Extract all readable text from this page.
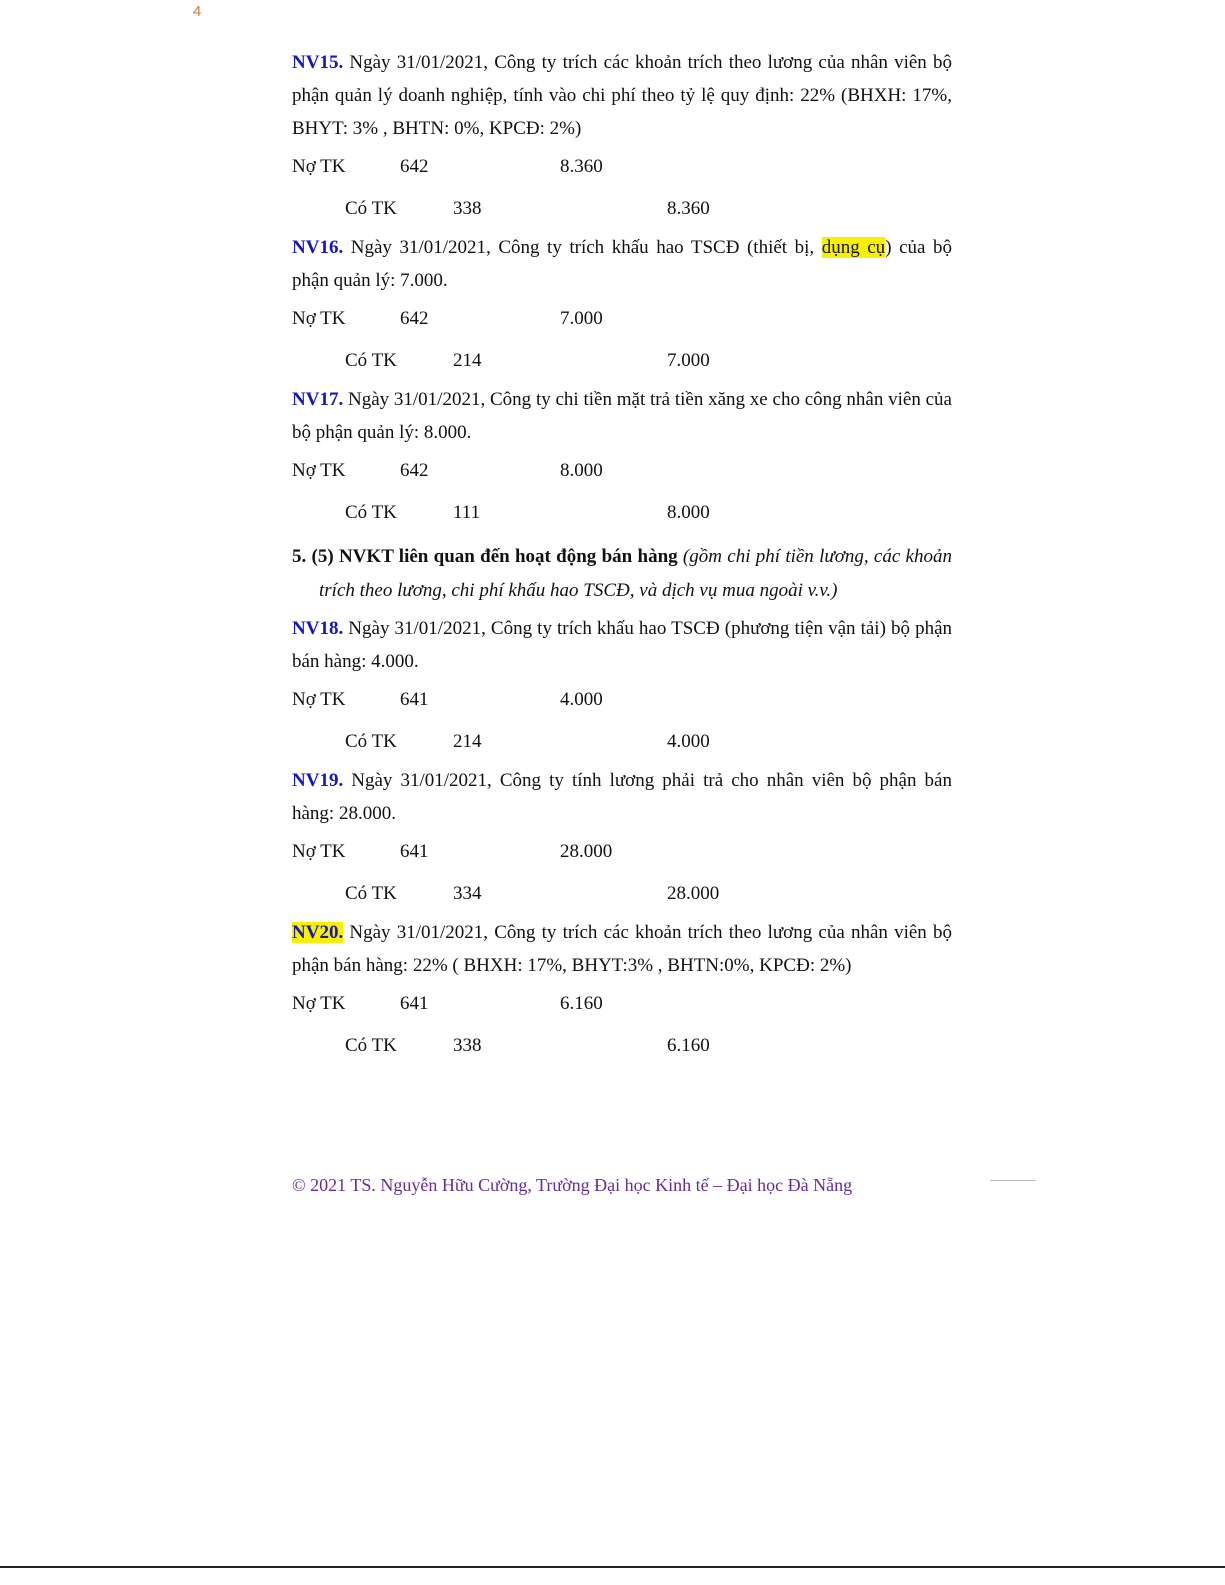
4

NV15. Ngày 31/01/2021, Công ty trích các khoản trích theo lương của nhân viên bộ phận quản lý doanh nghiệp, tính vào chi phí theo tỷ lệ quy định: 22% (BHXH: 17%, BHYT: 3% , BHTN: 0%, KPCĐ: 2%)

Nợ TK	642	8.360
Có TK	338	8.360

NV16. Ngày 31/01/2021, Công ty trích khấu hao TSCĐ (thiết bị, dụng cụ) của bộ phận quản lý: 7.000.

Nợ TK	642	7.000
Có TK	214	7.000

NV17. Ngày 31/01/2021, Công ty chi tiền mặt trả tiền xăng xe cho công nhân viên của bộ phận quản lý: 8.000.

Nợ TK	642	8.000
Có TK	111	8.000

5. (5) NVKT liên quan đến hoạt động bán hàng (gồm chi phí tiền lương, các khoản trích theo lương, chi phí khấu hao TSCĐ, và dịch vụ mua ngoài v.v.)

NV18. Ngày 31/01/2021, Công ty trích khấu hao TSCĐ (phương tiện vận tải) bộ phận bán hàng: 4.000.

Nợ TK	641	4.000
Có TK	214	4.000

NV19. Ngày 31/01/2021, Công ty tính lương phải trả cho nhân viên bộ phận bán hàng: 28.000.

Nợ TK	641	28.000
Có TK	334	28.000

NV20. Ngày 31/01/2021, Công ty trích các khoản trích theo lương của nhân viên bộ phận bán hàng: 22% ( BHXH: 17%, BHYT:3% , BHTN:0%, KPCĐ: 2%)

Nợ TK	641	6.160
Có TK	338	6.160
© 2021 TS. Nguyễn Hữu Cường, Trường Đại học Kinh tế – Đại học Đà Nẵng
